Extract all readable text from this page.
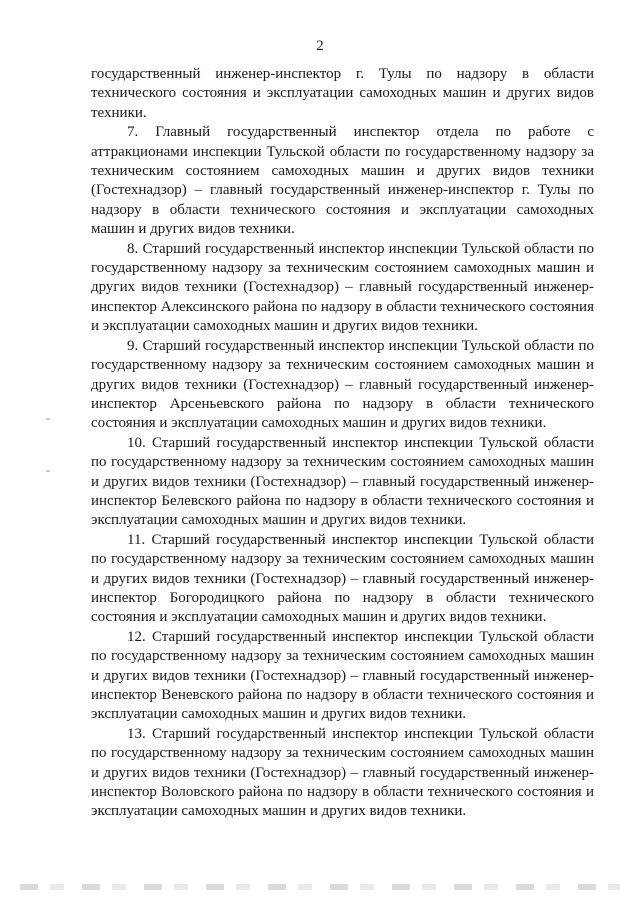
2

государственный инженер-инспектор г. Тулы по надзору в области технического состояния и эксплуатации самоходных машин и других видов техники.

7. Главный государственный инспектор отдела по работе с аттракционами инспекции Тульской области по государственному надзору за техническим состоянием самоходных машин и других видов техники (Гостехнадзор) – главный государственный инженер-инспектор г. Тулы по надзору в области технического состояния и эксплуатации самоходных машин и других видов техники.

8. Старший государственный инспектор инспекции Тульской области по государственному надзору за техническим состоянием самоходных машин и других видов техники (Гостехнадзор) – главный государственный инженер-инспектор Алексинского района по надзору в области технического состояния и эксплуатации самоходных машин и других видов техники.

9. Старший государственный инспектор инспекции Тульской области по государственному надзору за техническим состоянием самоходных машин и других видов техники (Гостехнадзор) – главный государственный инженер-инспектор Арсеньевского района по надзору в области технического состояния и эксплуатации самоходных машин и других видов техники.

10. Старший государственный инспектор инспекции Тульской области по государственному надзору за техническим состоянием самоходных машин и других видов техники (Гостехнадзор) – главный государственный инженер-инспектор Белевского района по надзору в области технического состояния и эксплуатации самоходных машин и других видов техники.

11. Старший государственный инспектор инспекции Тульской области по государственному надзору за техническим состоянием самоходных машин и других видов техники (Гостехнадзор) – главный государственный инженер-инспектор Богородицкого района по надзору в области технического состояния и эксплуатации самоходных машин и других видов техники.

12. Старший государственный инспектор инспекции Тульской области по государственному надзору за техническим состоянием самоходных машин и других видов техники (Гостехнадзор) – главный государственный инженер-инспектор Веневского района по надзору в области технического состояния и эксплуатации самоходных машин и других видов техники.

13. Старший государственный инспектор инспекции Тульской области по государственному надзору за техническим состоянием самоходных машин и других видов техники (Гостехнадзор) – главный государственный инженер-инспектор Воловского района по надзору в области технического состояния и эксплуатации самоходных машин и других видов техники.
